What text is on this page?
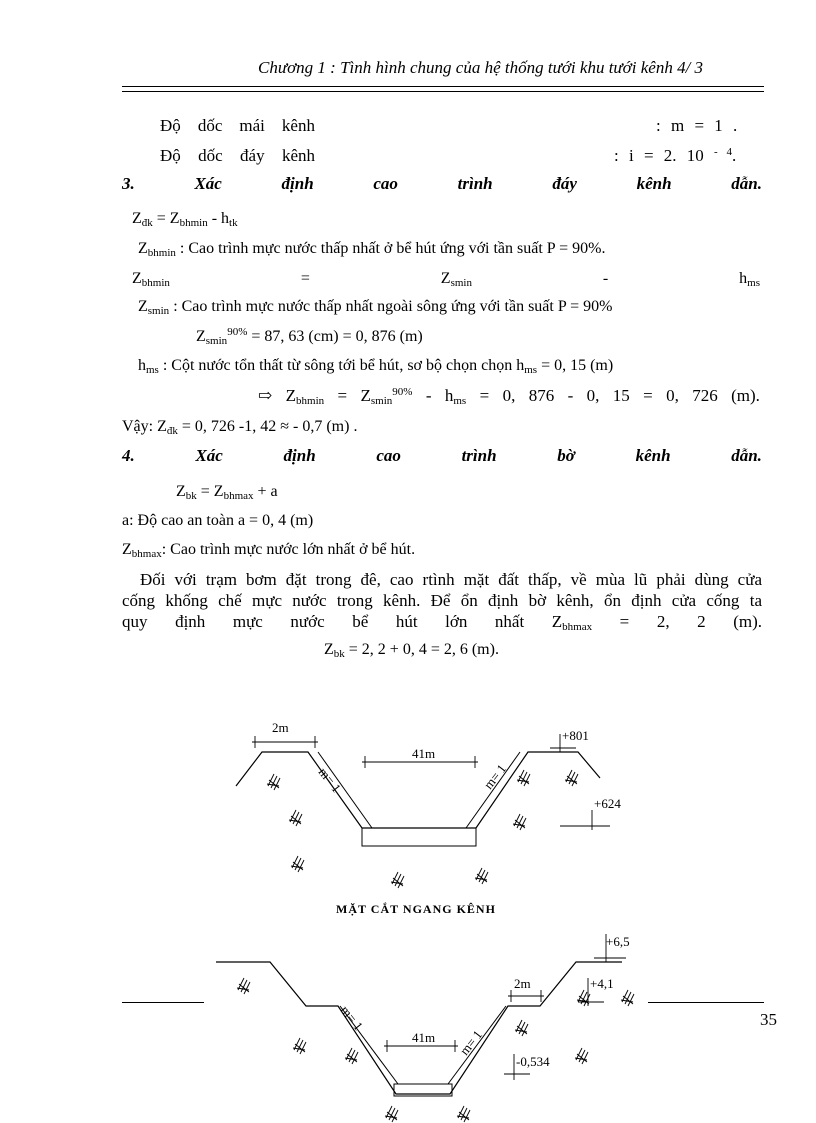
Chương 1 : Tình hình chung của hệ thống tưới khu tưới kênh 4/ 3
Độ dốc mái kênh	: m = 1 .
Độ dốc đáy kênh	: i = 2. 10 $^{- 4}$.
3.	Xác	định	cao	trình	đáy	kênh	dẫn.
$Z_{đk} = Z_{bhmin} - h_{tk}$
$Z_{bhmin}$ : Cao trình mực nước thấp nhất ở bể hút ứng với tần suất P = 90%.
$Z_{bhmin}$	=	$Z_{smin}$	-	$h_{ms}$
$Z_{smin}$ : Cao trình mực nước thấp nhất ngoài sông ứng với tần suất P = 90%
$Z_{smin}^{90\%} = 87$, 63 (cm) = 0, 876 (m)
$h_{ms}$ : Cột nước tổn thất từ sông tới bể hút, sơ bộ chọn chọn $h_{ms} = 0$, 15 (m)
⇨ $Z_{bhmin} = Z_{smin}^{90\%} - h_{ms} = 0$, 876 - 0, 15 = 0, 726 (m).
Vậy: $Z_{đk} = 0$, 726 -1, 42 ≈ - 0,7 (m) .
4.	Xác	định	cao	trình	bờ	kênh	dẫn.
$Z_{bk} = Z_{bhmax} + a$
a: Độ cao an toàn a = 0, 4 (m)
$Z_{bhmax}$: Cao trình mực nước lớn nhất ở bể hút.
Đối với trạm bơm đặt trong đê, cao rtình mặt đất thấp, về mùa lũ phải dùng cửa
cống khống chế mực nước trong kênh. Để ổn định bờ kênh, ổn định cửa cống ta
quy định mực nước bể hút lớn nhất $Z_{bhmax} = 2$, 2 (m).
$Z_{bk} = 2$, 2 + 0, 4 = 2, 6 (m).
2m
41m
m= 1	m= 1
+801
+624
MẶT CẮT NGANG KÊNH
41m
2m
m= 1
m= 1
+6,5
+4,1
-0,534
35
